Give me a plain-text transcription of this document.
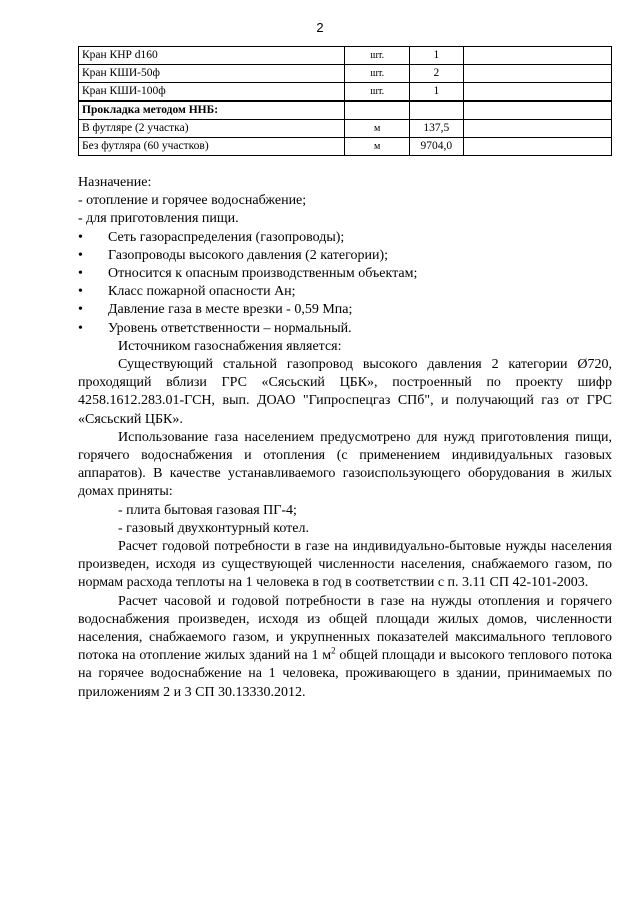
2
Кран КНР d160	шт.	1	
Кран КШИ-50ф	шт.	2	
Кран КШИ-100ф	шт.	1	
Прокладка методом ННБ:			
В футляре (2 участка)	м	137,5	
Без футляра (60 участков)	м	9704,0	

Назначение:

- отопление и горячее водоснабжение;

- для приготовления пищи.

•	Сеть газораспределения (газопроводы);
•	Газопроводы высокого давления (2 категории);
•	Относится к опасным производственным объектам;
•	Класс пожарной опасности Ан;
•	Давление газа в месте врезки - 0,59 Мпа;
•	Уровень ответственности – нормальный.

Источником газоснабжения является:

Существующий стальной газопровод высокого давления 2 категории Ø720, проходящий вблизи ГРС «Сясьский ЦБК», построенный по проекту шифр 4258.1612.283.01-ГСН, вып. ДОАО "Гипроспецгаз СПб", и получающий газ от ГРС «Сясьский ЦБК».

Использование газа населением предусмотрено для нужд приготовления пищи, горячего водоснабжения и отопления (с применением индивидуальных газовых аппаратов). В качестве устанавливаемого газоиспользующего оборудования в жилых домах приняты:

- плита бытовая газовая ПГ-4;

- газовый двухконтурный котел.

Расчет годовой потребности в газе на индивидуально-бытовые нужды населения произведен, исходя из существующей численности населения, снабжаемого газом, по нормам расхода теплоты на 1 человека в год в соответствии с п. 3.11 СП 42-101-2003.

Расчет часовой и годовой потребности в газе на нужды отопления и горячего водоснабжения произведен, исходя из общей площади жилых домов, численности населения, снабжаемого газом, и укрупненных показателей максимального теплового потока на отопление жилых зданий на 1 $м^2$ общей площади и высокого теплового потока на горячее водоснабжение на 1 человека, проживающего в здании, принимаемых по приложениям 2 и 3 СП 30.13330.2012.
